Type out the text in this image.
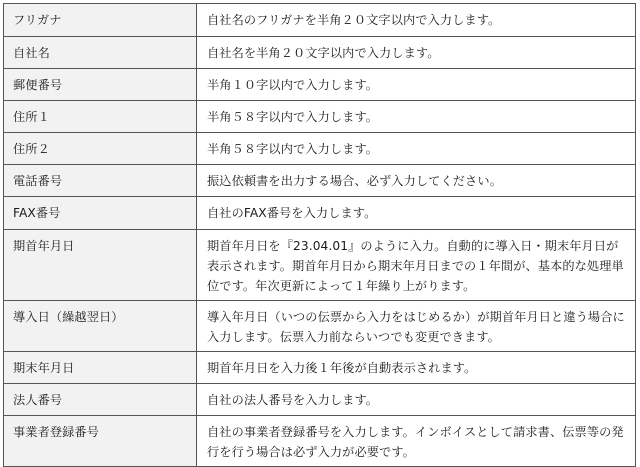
フリガナ	自社名のフリガナを半角２０文字以内で入力します。
自社名	自社名を半角２０文字以内で入力します。
郵便番号	半角１０字以内で入力します。
住所１	半角５８字以内で入力します。
住所２	半角５８字以内で入力します。
電話番号	振込依頼書を出力する場合、必ず入力してください。
FAX番号	自社のFAX番号を入力します。
期首年月日	期首年月日を『23.04.01』のように入力。自動的に導入日・期末年月日が表示されます。期首年月日から期末年月日までの１年間が、基本的な処理単位です。年次更新によって１年繰り上がります。
導入日（繰越翌日）	導入年月日（いつの伝票から入力をはじめるか）が期首年月日と違う場合に入力します。伝票入力前ならいつでも変更できます。
期末年月日	期首年月日を入力後１年後が自動表示されます。
法人番号	自社の法人番号を入力します。
事業者登録番号	自社の事業者登録番号を入力します。インボイスとして請求書、伝票等の発行を行う場合は必ず入力が必要です。
